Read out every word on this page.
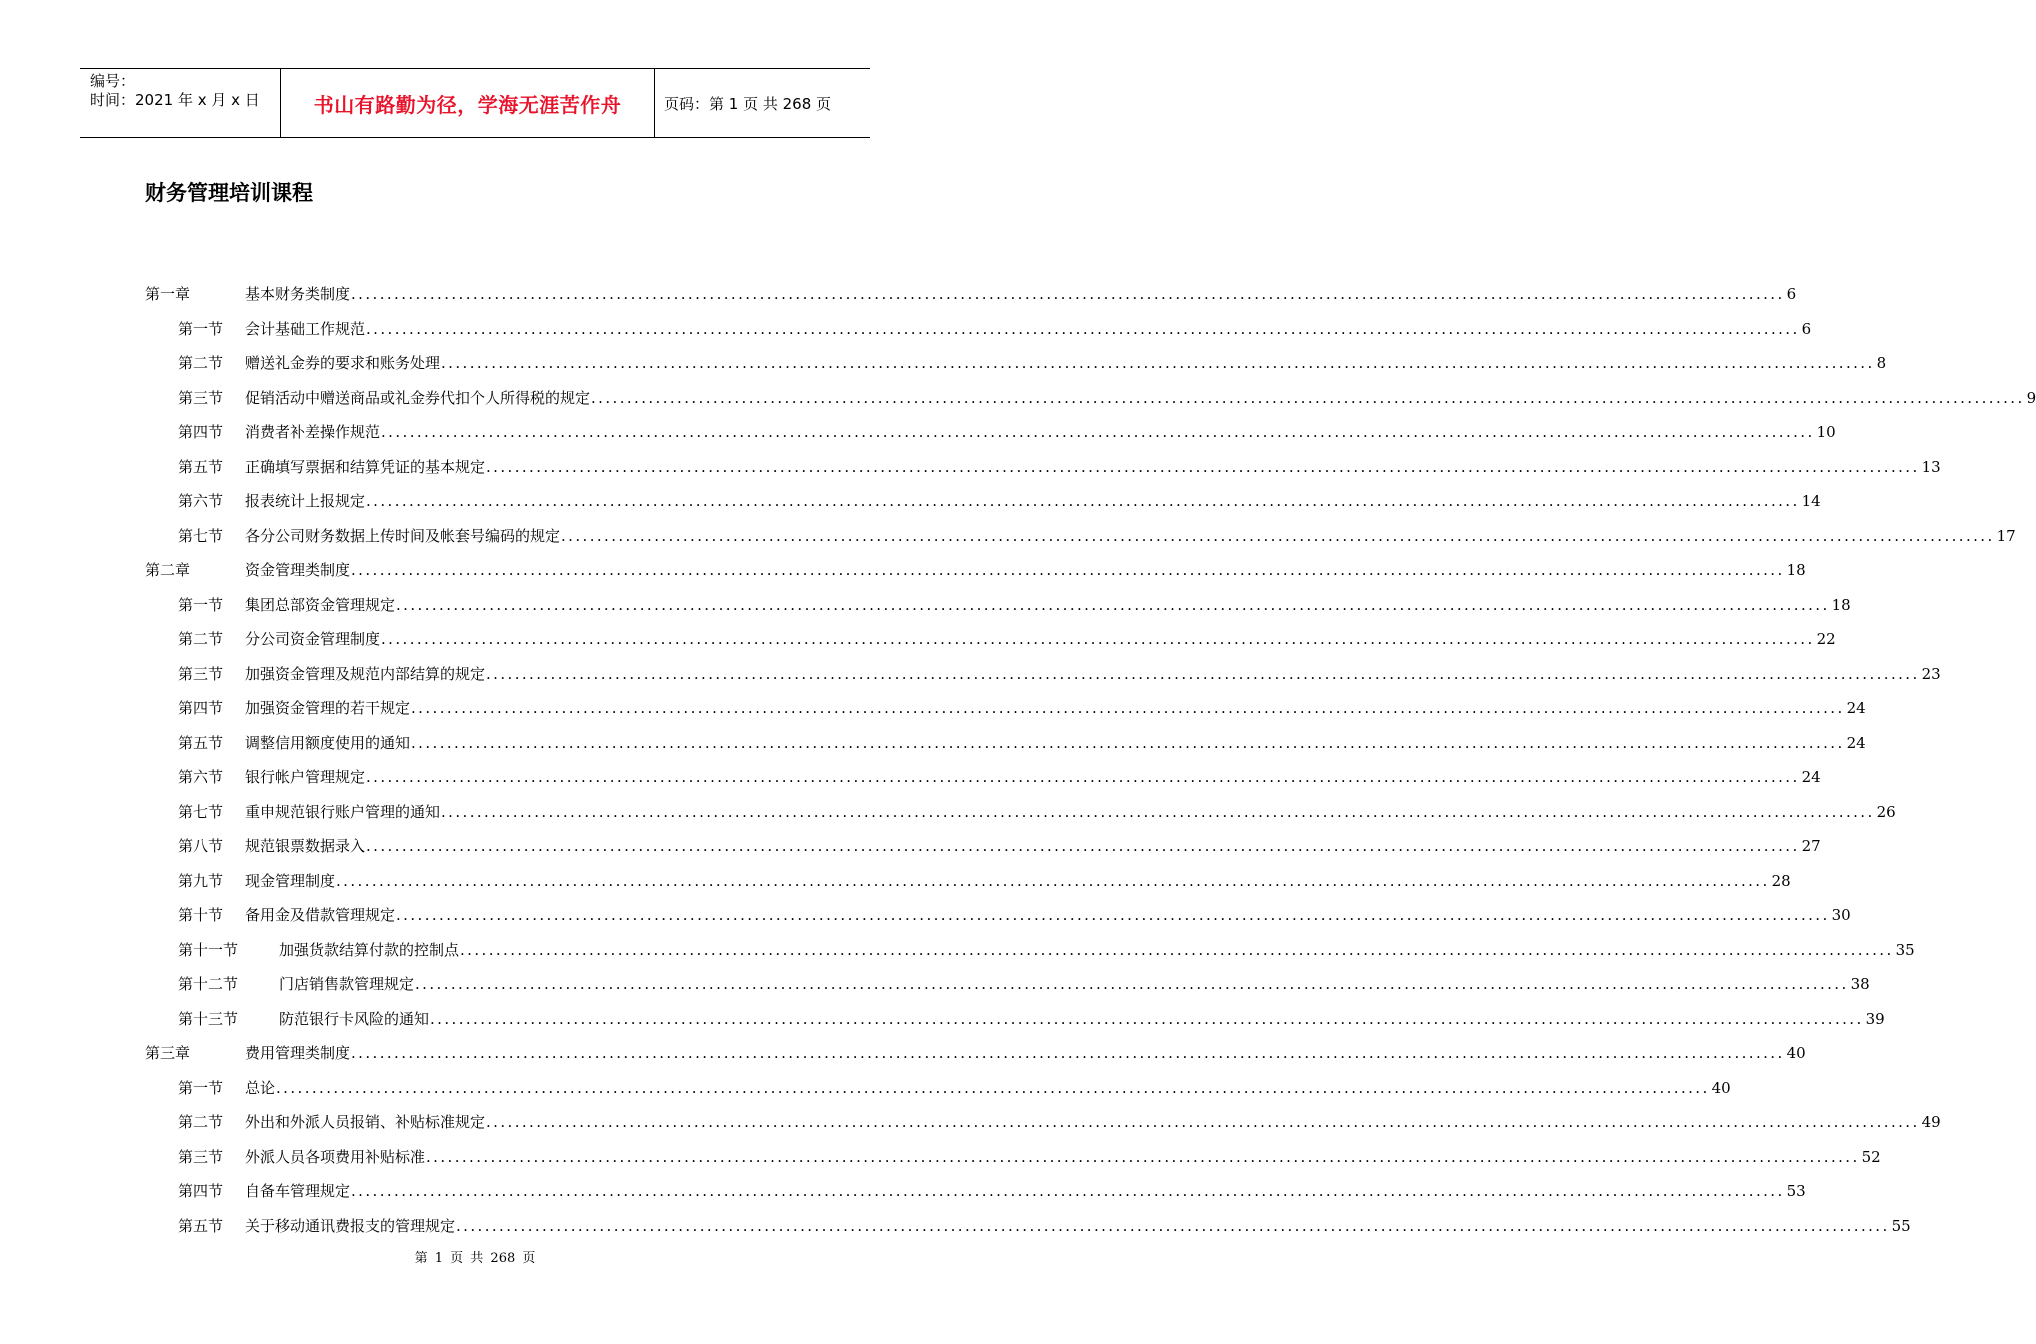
编号：
时间：2021 年 x 月 x 日	书山有路勤为径，学海无涯苦作舟	页码：第 1 页 共 268 页
财务管理培训课程
第一章	基本财务类制度 ........................................................................................................................................................................................................ 6
第一节 会计基础工作规范 ........................................................................................................................................................................................................ 6
第二节 赠送礼金券的要求和账务处理 ........................................................................................................................................................................................................ 8
第三节 促销活动中赠送商品或礼金券代扣个人所得税的规定 ........................................................................................................................................................................................................ 9
第四节 消费者补差操作规范 ........................................................................................................................................................................................................ 10
第五节 正确填写票据和结算凭证的基本规定 ........................................................................................................................................................................................................ 13
第六节 报表统计上报规定 ........................................................................................................................................................................................................ 14
第七节 各分公司财务数据上传时间及帐套号编码的规定 ........................................................................................................................................................................................................ 17
第二章	资金管理类制度 ........................................................................................................................................................................................................ 18
第一节 集团总部资金管理规定 ........................................................................................................................................................................................................ 18
第二节 分公司资金管理制度 ........................................................................................................................................................................................................ 22
第三节 加强资金管理及规范内部结算的规定 ........................................................................................................................................................................................................ 23
第四节 加强资金管理的若干规定 ........................................................................................................................................................................................................ 24
第五节 调整信用额度使用的通知 ........................................................................................................................................................................................................ 24
第六节 银行帐户管理规定 ........................................................................................................................................................................................................ 24
第七节 重申规范银行账户管理的通知 ........................................................................................................................................................................................................ 26
第八节 规范银票数据录入 ........................................................................................................................................................................................................ 27
第九节 现金管理制度 ........................................................................................................................................................................................................ 28
第十节 备用金及借款管理规定 ........................................................................................................................................................................................................ 30
第十一节	加强货款结算付款的控制点 ........................................................................................................................................................................................................ 35
第十二节	门店销售款管理规定 ........................................................................................................................................................................................................ 38
第十三节	防范银行卡风险的通知 ........................................................................................................................................................................................................ 39
第三章	费用管理类制度 ........................................................................................................................................................................................................ 40
第一节 总论 ........................................................................................................................................................................................................ 40
第二节 外出和外派人员报销、补贴标准规定 ........................................................................................................................................................................................................ 49
第三节 外派人员各项费用补贴标准 ........................................................................................................................................................................................................ 52
第四节 自备车管理规定 ........................................................................................................................................................................................................ 53
第五节 关于移动通讯费报支的管理规定 ........................................................................................................................................................................................................ 55
第 1 页 共 268 页
